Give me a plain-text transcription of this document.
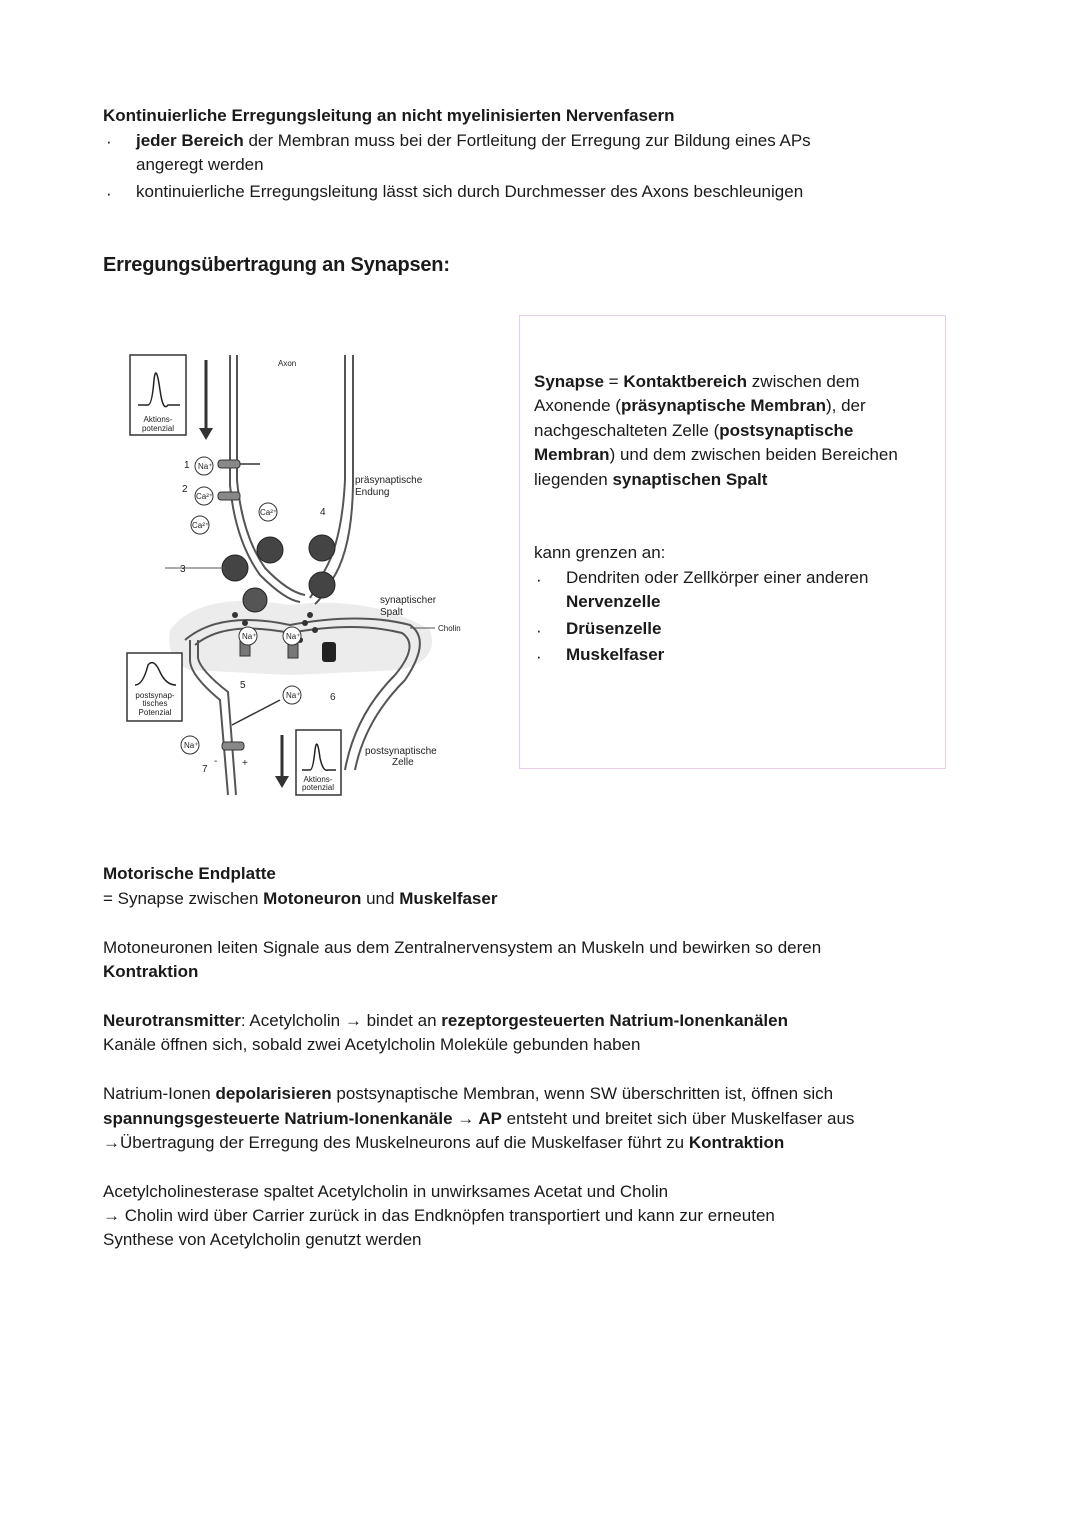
Kontinuierliche Erregungsleitung an nicht myelinisierten Nervenfasern
· jeder Bereich der Membran muss bei der Fortleitung der Erregung zur Bildung eines APs
angeregt werden
· kontinuierliche Erregungsleitung lässt sich durch Durchmesser des Axons beschleunigen
Erregungsübertragung an Synapsen:
Na⁺
Ca²⁺
Ca²⁺
Ca²⁺
Na⁺	Na⁺
Na⁺
Na⁺
Aktions-
potenzial
postsynap-
tisches
Potenzial
Aktions-
potenzial
Axon
präsynaptische
Endung
synaptischer
Spalt
Cholin
postsynaptische
Zelle
1
2
3
4
5
6
7
- +
Synapse = Kontaktbereich zwischen dem
Axonende (präsynaptische Membran), der
nachgeschalteten Zelle (postsynaptische
Membran) und dem zwischen beiden Bereichen
liegenden synaptischen Spalt
kann grenzen an:
· Dendriten oder Zellkörper einer anderen
Nervenzelle
· Drüsenzelle
· Muskelfaser
Motorische Endplatte
= Synapse zwischen Motoneuron und Muskelfaser
Motoneuronen leiten Signale aus dem Zentralnervensystem an Muskeln und bewirken so deren
Kontraktion
Neurotransmitter: Acetylcholin → bindet an rezeptorgesteuerten Natrium-Ionenkanälen
Kanäle öffnen sich, sobald zwei Acetylcholin Moleküle gebunden haben
Natrium-Ionen depolarisieren postsynaptische Membran, wenn SW überschritten ist, öffnen sich
spannungsgesteuerte Natrium-Ionenkanäle → AP entsteht und breitet sich über Muskelfaser aus
→Übertragung der Erregung des Muskelneurons auf die Muskelfaser führt zu Kontraktion
Acetylcholinesterase spaltet Acetylcholin in unwirksames Acetat und Cholin
→ Cholin wird über Carrier zurück in das Endknöpfen transportiert und kann zur erneuten
Synthese von Acetylcholin genutzt werden
